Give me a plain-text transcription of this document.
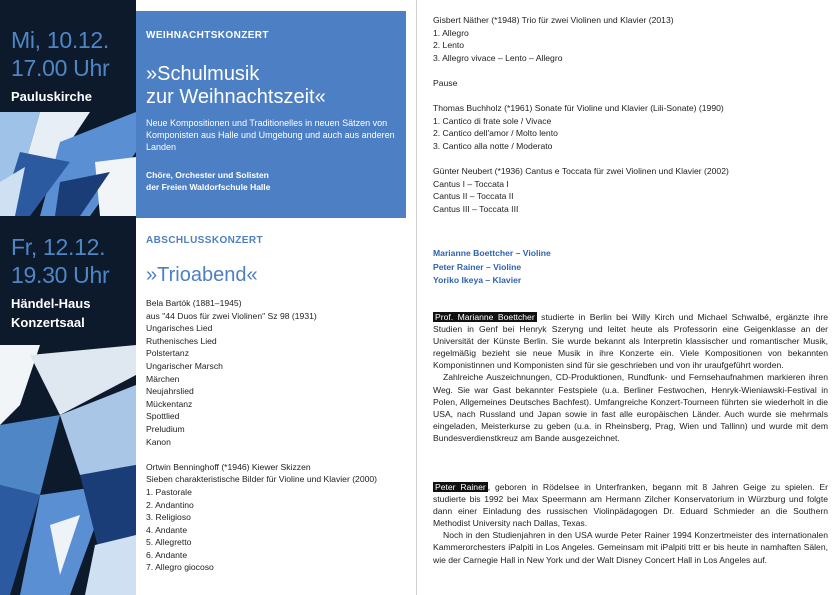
Mi, 10.12.
17.00 Uhr
Pauluskirche
Fr, 12.12.
19.30 Uhr
Händel-Haus
Konzertsaal
WEIHNACHTSKONZERT
»Schulmusik
zur Weihnachtszeit«
Neue Kompositionen und Traditionelles in neuen Sätzen von Komponisten aus Halle und Umgebung und auch aus anderen Landen
Chöre, Orchester und Solisten
der Freien Waldorfschule Halle
ABSCHLUSSKONZERT
»Trioabend«
Bela Bartók (1881–1945)
aus "44 Duos für zwei Violinen" Sz 98 (1931)
Ungarisches Lied
Ruthenisches Lied
Polstertanz
Ungarischer Marsch
Märchen
Neujahrslied
Mückentanz
Spottlied
Preludium
Kanon
Ortwin Benninghoff (*1946) Kiewer Skizzen
Sieben charakteristische Bilder für Violine und Klavier (2000)
1. Pastorale
2. Andantino
3. Religioso
4. Andante
5. Allegretto
6. Andante
7. Allegro giocoso
Gisbert Näther (*1948) Trio für zwei Violinen und Klavier (2013)
1. Allegro
2. Lento
3. Allegro vivace – Lento – Allegro
Pause
Thomas Buchholz (*1961) Sonate für Violine und Klavier (Lili-Sonate) (1990)
1. Cantico di frate sole / Vivace
2. Cantico dell'amor / Molto lento
3. Cantico alla notte / Moderato
Günter Neubert (*1936) Cantus e Toccata für zwei Violinen und Klavier (2002)
Cantus I – Toccata I
Cantus II – Toccata II
Cantus III – Toccata III
Marianne Boettcher – Violine
Peter Rainer – Violine
Yoriko Ikeya – Klavier
Prof. Marianne Boettcher studierte in Berlin bei Willy Kirch und Michael Schwalbé, ergänzte ihre Studien in Genf bei Henryk Szeryng und leitet heute als Professorin eine Geigenklasse an der Universität der Künste Berlin. Sie wurde bekannt als Interpretin klassischer und romantischer Musik, regelmäßig bezieht sie neue Musik in ihre Konzerte ein. Viele Kompositionen von bekannten Komponistinnen und Komponisten sind für sie geschrieben und von ihr uraufgeführt worden.
Zahlreiche Auszeichnungen, CD-Produktionen, Rundfunk- und Fernsehaufnahmen markieren ihren Weg. Sie war Gast bekannter Festspiele (u.a. Berliner Festwochen, Henryk-Wieniawski-Festival in Polen, Allgemeines Deutsches Bachfest). Umfangreiche Konzert-Tourneen führten sie wiederholt in die USA, nach Russland und Japan sowie in fast alle europäischen Länder. Auch wurde sie mehrmals eingeladen, Meisterkurse zu geben (u.a. in Rheinsberg, Prag, Wien und Tallinn) und wurde mit dem Bundesverdienstkreuz am Bande ausgezeichnet.
Peter Rainer , geboren in Rödelsee in Unterfranken, begann mit 8 Jahren Geige zu spielen. Er studierte bis 1992 bei Max Speermann am Hermann Zilcher Konservatorium in Würzburg und folgte dann einer Einladung des russischen Violinpädagogen Dr. Eduard Schmieder an die Southern Methodist University nach Dallas, Texas.
Noch in den Studienjahren in den USA wurde Peter Rainer 1994 Konzertmeister des internationalen Kammerorchesters iPalpiti in Los Angeles. Gemeinsam mit iPalpiti tritt er bis heute in namhaften Sälen, wie der Carnegie Hall in New York und der Walt Disney Concert Hall in Los Angeles auf.
